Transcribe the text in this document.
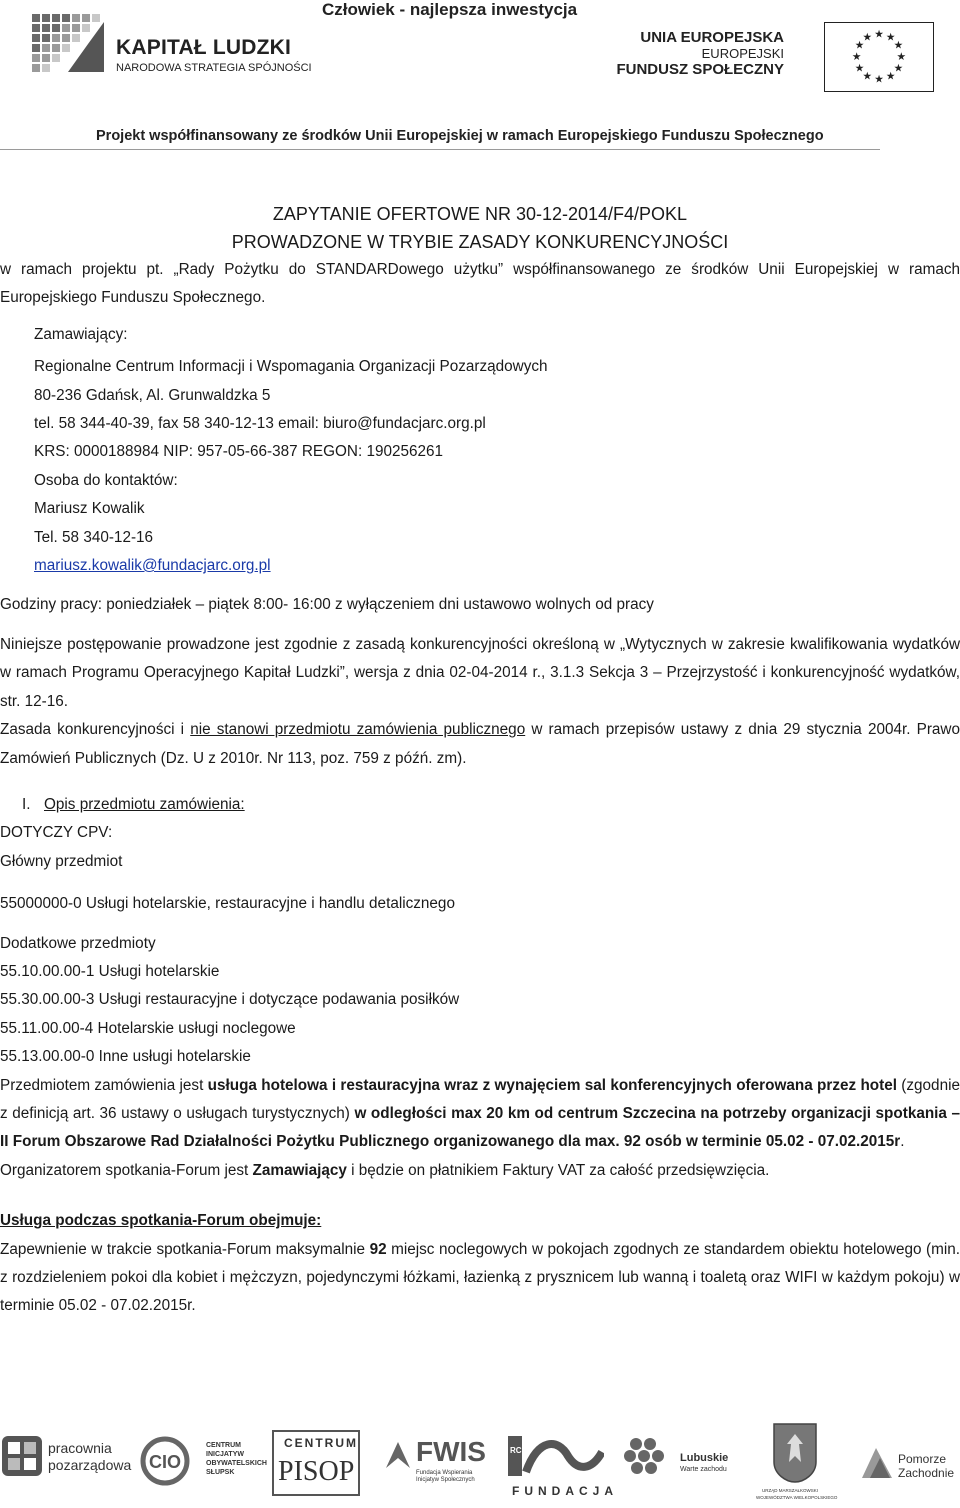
Człowiek - najlepsza inwestycja
KAPITAŁ LUDZKI
NARODOWA STRATEGIA SPÓJNOŚCI
UNIA EUROPEJSKA
EUROPEJSKI
FUNDUSZ SPOŁECZNY
★ ★
★
★
★
★
★
★
★
★
★
★
Projekt współfinansowany ze środków Unii Europejskiej w ramach Europejskiego Funduszu Społecznego
ZAPYTANIE OFERTOWE NR 30-12-2014/F4/POKL
PROWADZONE W TRYBIE ZASADY KONKURENCYJNOŚCI
w ramach projektu pt. „Rady Pożytku do STANDARDowego użytku” współfinansowanego ze środków Unii Europejskiej w ramach Europejskiego Funduszu Społecznego.
Zamawiający:
Regionalne Centrum Informacji i Wspomagania Organizacji Pozarządowych
80-236 Gdańsk, Al. Grunwaldzka 5
tel. 58 344-40-39, fax 58 340-12-13 email: biuro@fundacjarc.org.pl
KRS: 0000188984 NIP: 957-05-66-387 REGON: 190256261
Osoba do kontaktów:
Mariusz Kowalik
Tel. 58 340-12-16
mariusz.kowalik@fundacjarc.org.pl
Godziny pracy: poniedziałek – piątek 8:00- 16:00 z wyłączeniem dni ustawowo wolnych od pracy
Niniejsze postępowanie prowadzone jest zgodnie z zasadą konkurencyjności określoną w „Wytycznych w zakresie kwalifikowania wydatków w ramach Programu Operacyjnego Kapitał Ludzki”, wersja z dnia 02-04-2014 r., 3.1.3 Sekcja 3 – Przejrzystość i konkurencyjność wydatków, str. 12-16.
Zasada konkurencyjności i nie stanowi przedmiotu zamówienia publicznego w ramach przepisów ustawy z dnia 29 stycznia 2004r. Prawo Zamówień Publicznych (Dz. U z 2010r. Nr 113, poz. 759 z późń. zm).
I. Opis przedmiotu zamówienia:
DOTYCZY CPV:
Główny przedmiot
55000000-0 Usługi hotelarskie, restauracyjne i handlu detalicznego
Dodatkowe przedmioty
55.10.00.00-1 Usługi hotelarskie
55.30.00.00-3 Usługi restauracyjne i dotyczące podawania posiłków
55.11.00.00-4 Hotelarskie usługi noclegowe
55.13.00.00-0 Inne usługi hotelarskie
Przedmiotem zamówienia jest usługa hotelowa i restauracyjna wraz z wynajęciem sal konferencyjnych oferowana przez hotel (zgodnie z definicją art. 36 ustawy o usługach turystycznych) w odległości max 20 km od centrum Szczecina na potrzeby organizacji spotkania – II Forum Obszarowe Rad Działalności Pożytku Publicznego organizowanego dla max. 92 osób w terminie 05.02 - 07.02.2015r.
Organizatorem spotkania-Forum jest Zamawiający i będzie on płatnikiem Faktury VAT za całość przedsięwzięcia.
Usługa podczas spotkania-Forum obejmuje:
Zapewnienie w trakcie spotkania-Forum maksymalnie 92 miejsc noclegowych w pokojach zgodnych ze standardem obiektu hotelowego (min. z rozdzieleniem pokoi dla kobiet i mężczyzn, pojedynczymi łóżkami, łazienką z prysznicem lub wanną i toaletą oraz WIFI w każdym pokoju) w terminie 05.02 - 07.02.2015r.
pracownia
pozarządowa CIO
CENTRUM
INICJATYW
OBYWATELSKICH
SŁUPSK
CENTRUM
PISOP
FWIS
Fundacja Wspierania
Inicjatyw Społecznych
RC
FUNDACJA
Lubuskie
Warte zachodu
URZĄD MARSZAŁKOWSKI
WOJEWÓDZTWA WIELKOPOLSKIEGO
Pomorze
Zachodnie
